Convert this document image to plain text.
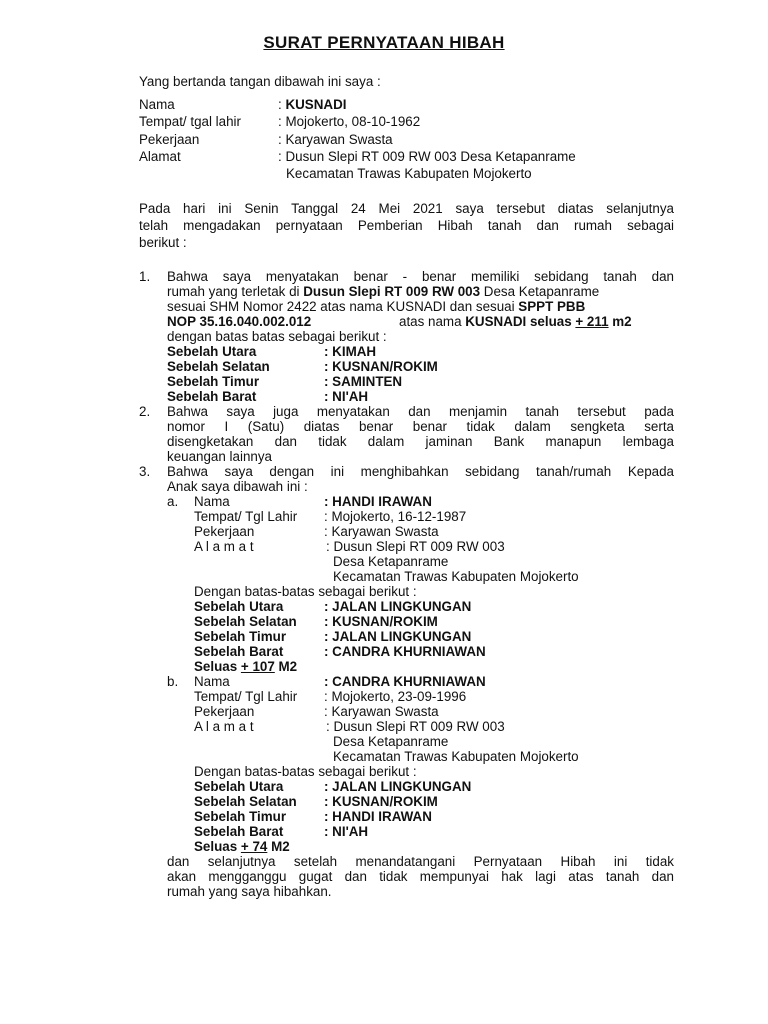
SURAT PERNYATAAN HIBAH
Yang bertanda tangan dibawah ini saya :
Nama	: KUSNADI
Tempat/ tgal lahir	: Mojokerto, 08-10-1962
Pekerjaan	: Karyawan Swasta
Alamat	: Dusun Slepi RT 009 RW 003 Desa Ketapanrame
Kecamatan Trawas Kabupaten Mojokerto
Pada hari ini Senin Tanggal 24 Mei 2021 saya tersebut diatas selanjutnya
telah mengadakan pernyataan Pemberian Hibah tanah dan rumah sebagai
berikut :
1. Bahwa saya menyatakan benar - benar memiliki sebidang tanah dan
rumah yang terletak di Dusun Slepi RT 009 RW 003 Desa Ketapanrame
sesuai SHM Nomor 2422 atas nama KUSNADI dan sesuai SPPT PBB
NOP 35.16.040.002.012	atas nama KUSNADI seluas + 211 m2
dengan batas batas sebagai berikut :
Sebelah Utara	: KIMAH
Sebelah Selatan	: KUSNAN/ROKIM
Sebelah Timur	: SAMINTEN
Sebelah Barat	: NI'AH
2. Bahwa saya juga menyatakan dan menjamin tanah tersebut pada
nomor I (Satu) diatas benar benar tidak dalam sengketa serta
disengketakan dan tidak dalam jaminan Bank manapun lembaga
keuangan lainnya
3. Bahwa saya dengan ini menghibahkan sebidang tanah/rumah Kepada
Anak saya dibawah ini :
a. Nama	: HANDI IRAWAN
Tempat/ Tgl Lahir : Mojokerto, 16-12-1987
Pekerjaan	: Karyawan Swasta
A l a m a t	: Dusun Slepi RT 009 RW 003
Desa Ketapanrame
Kecamatan Trawas Kabupaten Mojokerto
Dengan batas-batas sebagai berikut :
Sebelah Utara	: JALAN LINGKUNGAN
Sebelah Selatan : KUSNAN/ROKIM
Sebelah Timur	: JALAN LINGKUNGAN
Sebelah Barat	: CANDRA KHURNIAWAN
Seluas + 107 M2
b. Nama	: CANDRA KHURNIAWAN
Tempat/ Tgl Lahir : Mojokerto, 23-09-1996
Pekerjaan	: Karyawan Swasta
A l a m a t	: Dusun Slepi RT 009 RW 003
Desa Ketapanrame
Kecamatan Trawas Kabupaten Mojokerto
Dengan batas-batas sebagai berikut :
Sebelah Utara	: JALAN LINGKUNGAN
Sebelah Selatan : KUSNAN/ROKIM
Sebelah Timur	: HANDI IRAWAN
Sebelah Barat	: NI'AH
Seluas + 74 M2
dan selanjutnya setelah menandatangani Pernyataan Hibah ini tidak
akan mengganggu gugat dan tidak mempunyai hak lagi atas tanah dan
rumah yang saya hibahkan.
